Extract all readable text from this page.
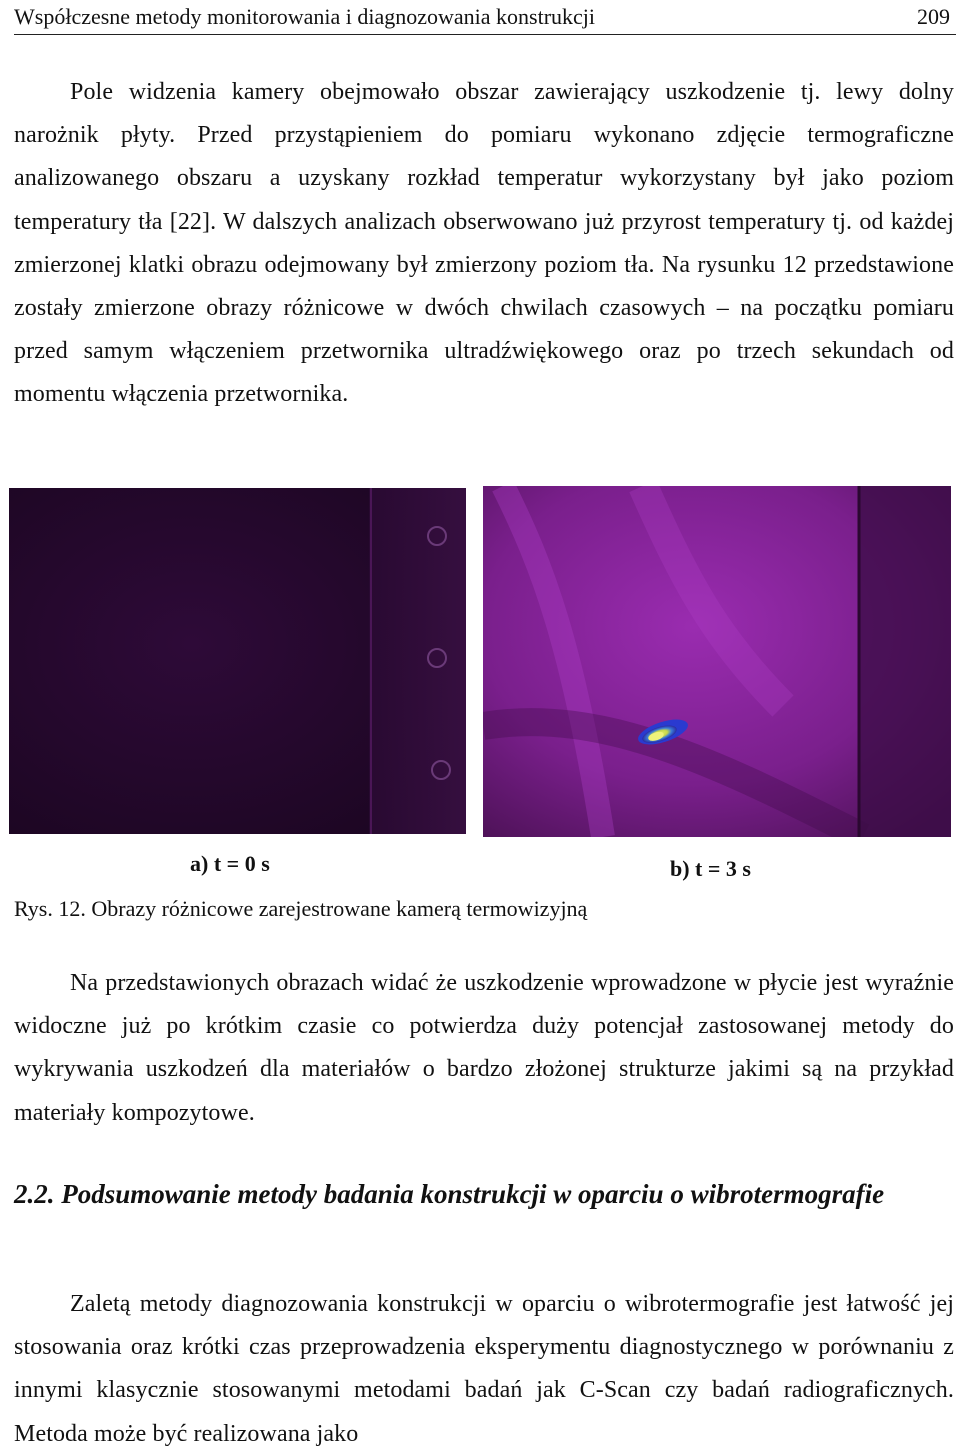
Współczesne metody monitorowania i diagnozowania konstrukcji	209

Pole widzenia kamery obejmowało obszar zawierający uszkodzenie tj. lewy dolny narożnik płyty. Przed przystąpieniem do pomiaru wykonano zdjęcie termograficzne analizowanego obszaru a uzyskany rozkład temperatur wykorzystany był jako poziom temperatury tła [22]. W dalszych analizach obserwowano już przyrost temperatury tj. od każdej zmierzonej klatki obrazu odejmowany był zmierzony poziom tła. Na rysunku 12 przedstawione zostały zmierzone obrazy różnicowe w dwóch chwilach czasowych – na początku pomiaru przed samym włączeniem przetwornika ultradźwiękowego oraz po trzech sekundach od momentu włączenia przetwornika.

a) t = 0 s	b) t = 3 s
Rys. 12. Obrazy różnicowe zarejestrowane kamerą termowizyjną

Na przedstawionych obrazach widać że uszkodzenie wprowadzone w płycie jest wyraźnie widoczne już po krótkim czasie co potwierdza duży potencjał zastosowanej metody do wykrywania uszkodzeń dla materiałów o bardzo złożonej strukturze jakimi są na przykład materiały kompozytowe.

2.2. Podsumowanie metody badania konstrukcji w oparciu o wibrotermografie

Zaletą metody diagnozowania konstrukcji w oparciu o wibrotermografie jest łatwość jej stosowania oraz krótki czas przeprowadzenia eksperymentu diagnostycznego w porównaniu z innymi klasycznie stosowanymi metodami badań jak C-Scan czy badań radiograficznych. Metoda może być realizowana jako
